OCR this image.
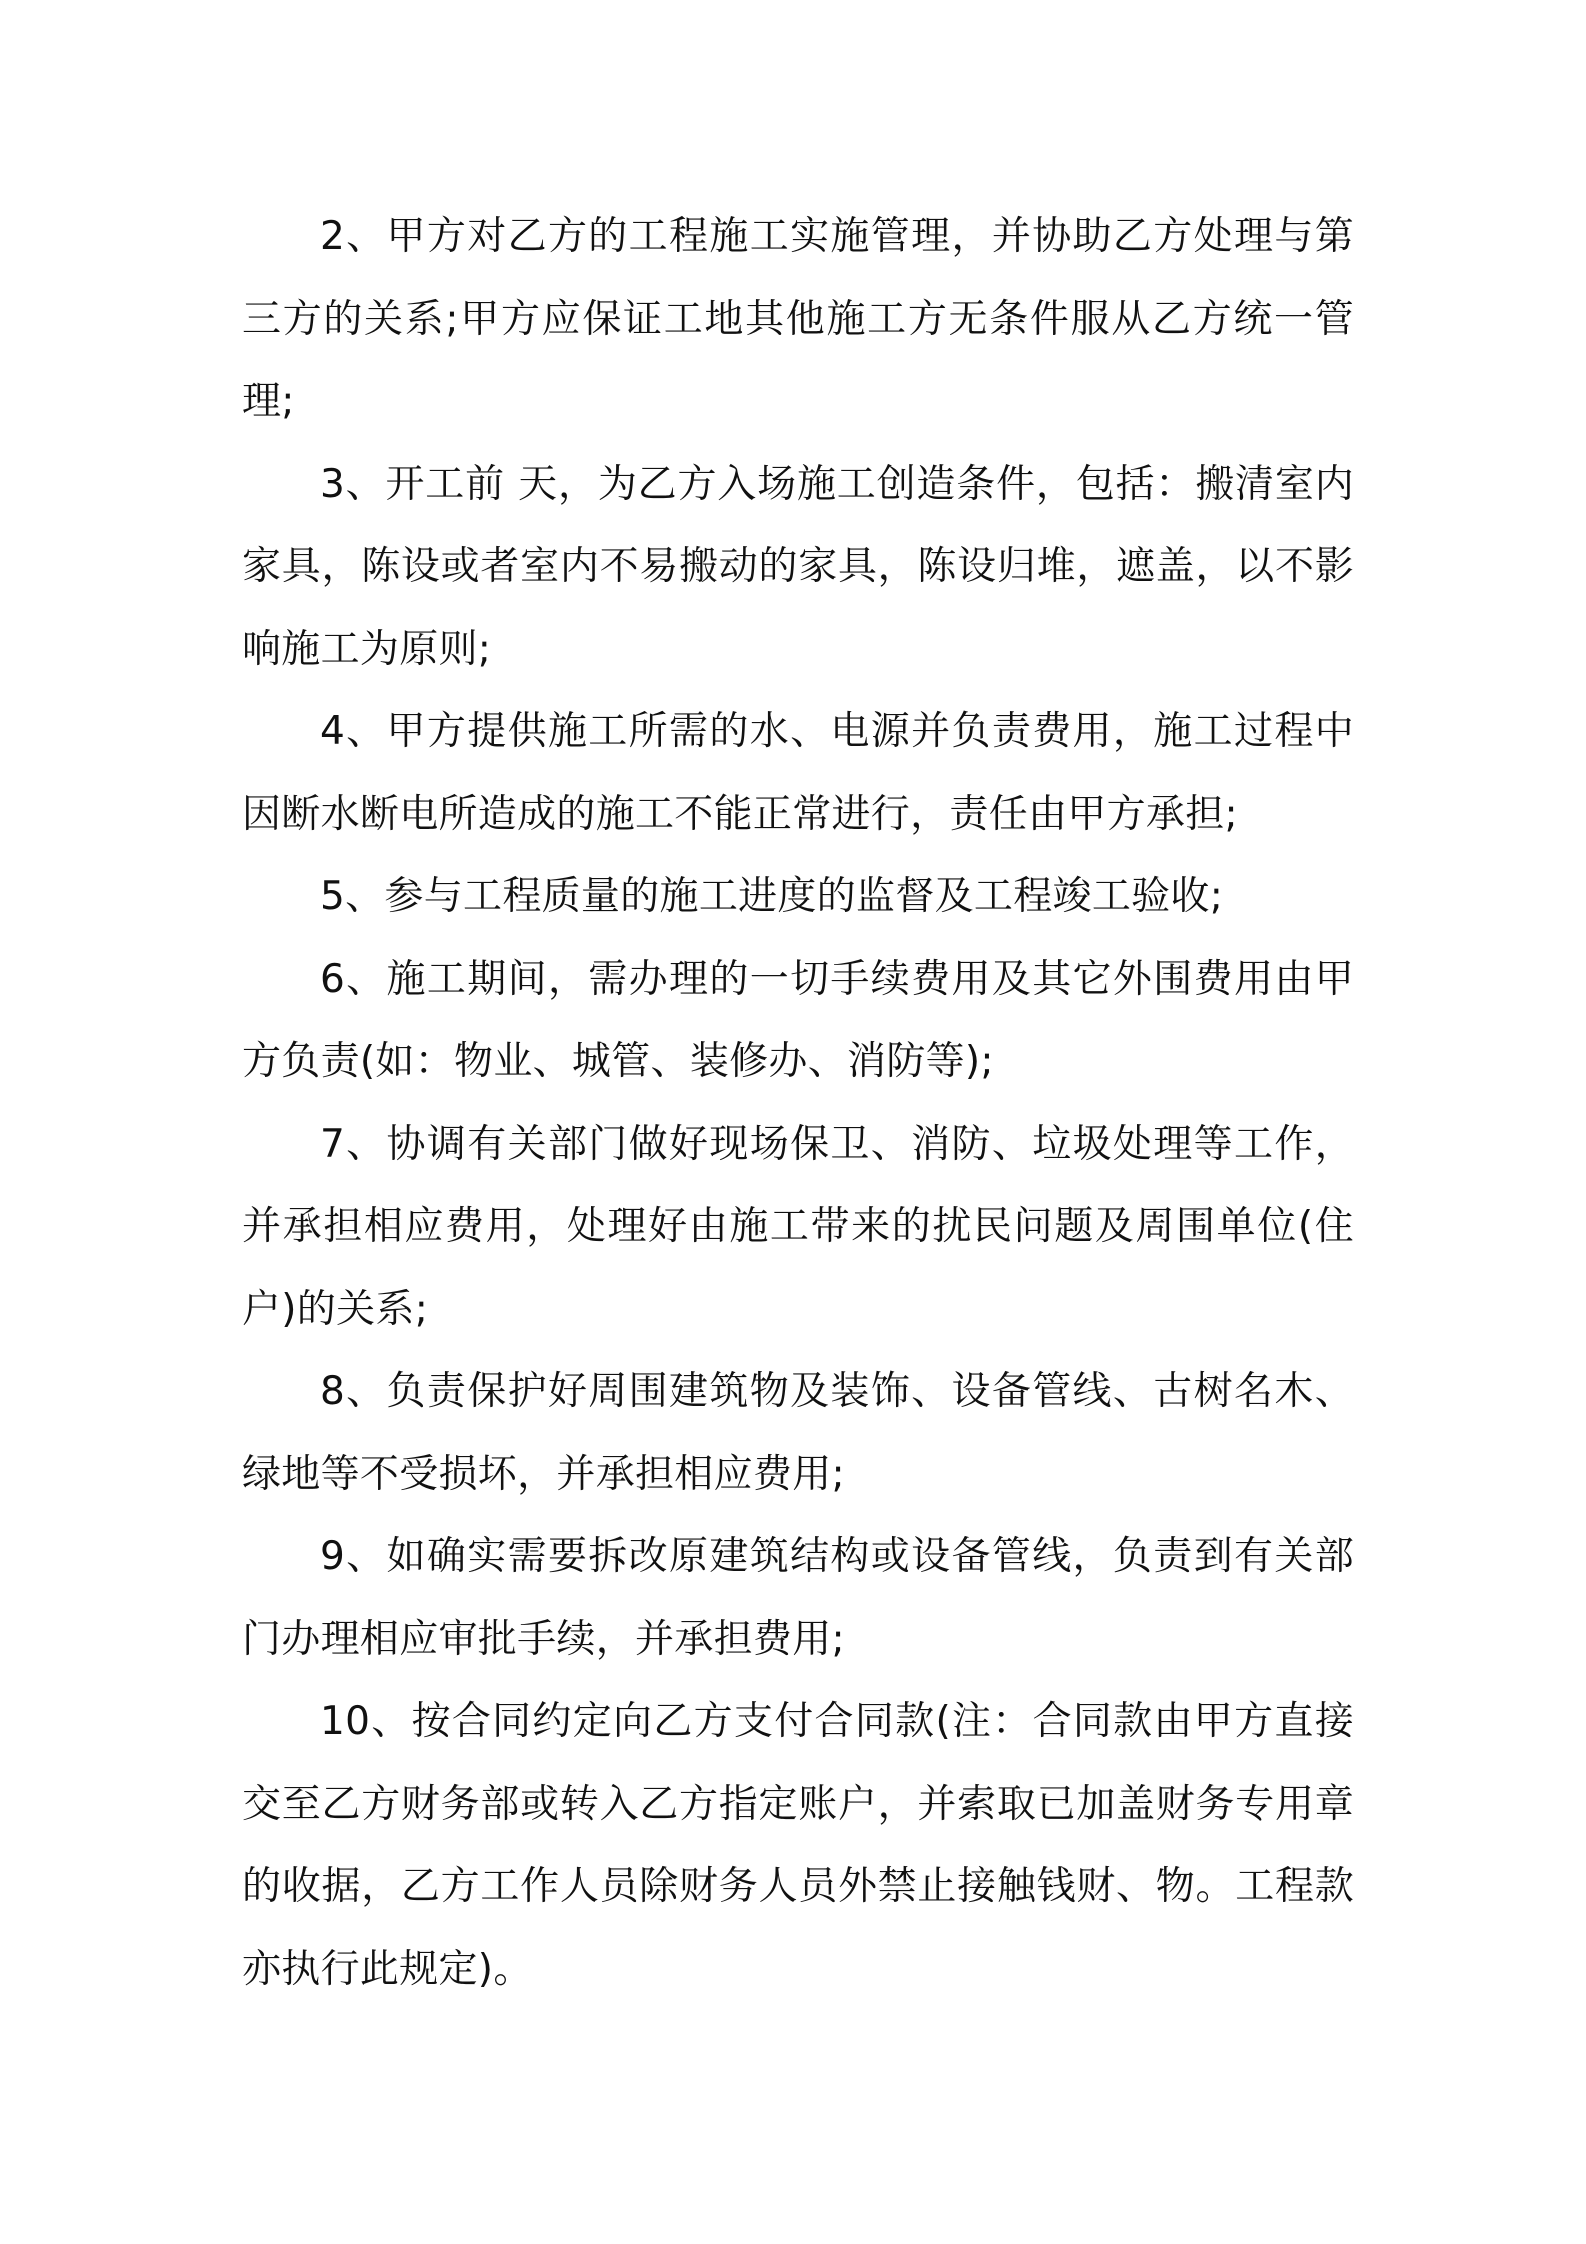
2、甲方对乙方的工程施工实施管理，并协助乙方处理与第三方的关系;甲方应保证工地其他施工方无条件服从乙方统一管理;

3、开工前 天，为乙方入场施工创造条件，包括：搬清室内家具，陈设或者室内不易搬动的家具，陈设归堆，遮盖，以不影响施工为原则;

4、甲方提供施工所需的水、电源并负责费用，施工过程中因断水断电所造成的施工不能正常进行，责任由甲方承担;

5、参与工程质量的施工进度的监督及工程竣工验收;

6、施工期间，需办理的一切手续费用及其它外围费用由甲方负责(如：物业、城管、装修办、消防等);

7、协调有关部门做好现场保卫、消防、垃圾处理等工作，并承担相应费用，处理好由施工带来的扰民问题及周围单位(住户)的关系;

8、负责保护好周围建筑物及装饰、设备管线、古树名木、绿地等不受损坏，并承担相应费用;

9、如确实需要拆改原建筑结构或设备管线，负责到有关部门办理相应审批手续，并承担费用;

10、按合同约定向乙方支付合同款(注：合同款由甲方直接交至乙方财务部或转入乙方指定账户，并索取已加盖财务专用章的收据，乙方工作人员除财务人员外禁止接触钱财、物。工程款亦执行此规定)。
